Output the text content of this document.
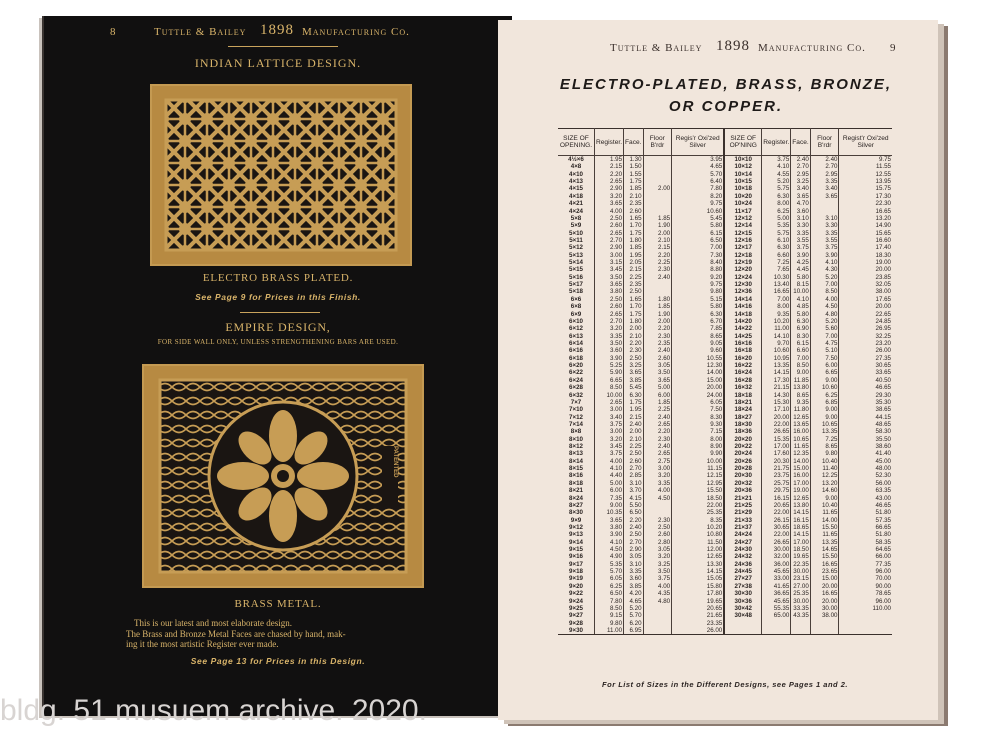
8	Tuttle & Bailey 1898 Manufacturing Co.
INDIAN LATTICE DESIGN.
ELECTRO BRASS PLATED.
See Page 9 for Prices in this Finish.
EMPIRE DESIGN,
FOR SIDE WALL ONLY, UNLESS STRENGTHENING BARS ARE USED.
PATENTED
BRASS METAL.
This is our latest and most elaborate design.
The Brass and Bronze Metal Faces are chased by hand, mak-
ing it the most artistic Register ever made.
See Page 13 for Prices in this Design.
Tuttle & Bailey 1898 Manufacturing Co. 9
ELECTRO-PLATED, BRASS, BRONZE,
OR COPPER.
SIZE OF OPENING.	Register.	Face.	Floor B'rdr	Regis'r Oxi'zed Silver	SIZE OF OP'NING	Register.	Face.	Floor B'rdr	Regist'r Oxi'zed Silver
4½×6	1.95	1.30		3.95	10×10	3.75	2.40	2.40	9.75
4×8	2.15	1.50		4.65	10×12	4.10	2.70	2.70	11.55
4×10	2.20	1.55		5.70	10×14	4.55	2.95	2.95	12.55
4×13	2.65	1.75		6.40	10×15	5.20	3.25	3.35	13.95
4×15	2.90	1.85	2.00	7.80	10×18	5.75	3.40	3.40	15.75
4×18	3.20	2.10		8.20	10×20	6.30	3.65	3.65	17.30
4×21	3.65	2.35		9.75	10×24	8.00	4.70		22.30
4×24	4.00	2.60		10.60	11×17	6.25	3.60		16.65
5×8	2.50	1.65	1.85	5.45	12×12	5.00	3.10	3.10	13.20
5×9	2.60	1.70	1.90	5.80	12×14	5.35	3.30	3.30	14.90
5×10	2.65	1.75	2.00	6.15	12×15	5.75	3.35	3.35	15.65
5×11	2.70	1.80	2.10	6.50	12×16	6.10	3.55	3.55	16.60
5×12	2.90	1.85	2.15	7.00	12×17	6.30	3.75	3.75	17.40
5×13	3.00	1.95	2.20	7.30	12×18	6.60	3.90	3.90	18.30
5×14	3.15	2.05	2.25	8.40	12×19	7.25	4.25	4.10	19.00
5×15	3.45	2.15	2.30	8.80	12×20	7.65	4.45	4.30	20.00
5×16	3.50	2.25	2.40	9.20	12×24	10.30	5.80	5.20	23.85
5×17	3.65	2.35		9.75	12×30	13.40	8.15	7.00	32.05
5×18	3.80	2.50		9.80	12×36	16.65	10.00	8.50	38.00
6×6	2.50	1.65	1.80	5.15	14×14	7.00	4.10	4.00	17.65
6×8	2.60	1.70	1.85	5.80	14×16	8.00	4.85	4.50	20.00
6×9	2.65	1.75	1.90	6.30	14×18	9.35	5.80	4.80	22.65
6×10	2.70	1.80	2.00	6.70	14×20	10.20	6.30	5.20	24.85
6×12	3.20	2.00	2.20	7.85	14×22	11.00	6.90	5.60	26.95
6×13	3.35	2.10	2.30	8.65	14×25	14.10	8.30	7.00	32.25
6×14	3.50	2.20	2.35	9.05	16×16	9.70	6.15	4.75	23.20
6×16	3.60	2.30	2.40	9.60	16×18	10.60	6.60	5.10	26.00
6×18	3.90	2.50	2.60	10.55	16×20	10.95	7.00	7.50	27.35
6×20	5.25	3.25	3.05	12.30	16×22	13.35	8.50	6.00	30.65
6×22	5.90	3.65	3.50	14.00	16×24	14.15	9.00	6.65	33.65
6×24	6.65	3.85	3.65	15.00	16×28	17.30	11.85	9.00	40.50
6×28	8.50	5.45	5.00	20.00	16×32	21.15	13.80	10.60	46.65
6×32	10.00	6.30	6.00	24.00	18×18	14.30	8.65	6.25	29.30
7×7	2.65	1.75	1.85	6.05	18×21	15.30	9.35	6.85	35.30
7×10	3.00	1.95	2.25	7.50	18×24	17.10	11.80	9.00	38.65
7×12	3.40	2.15	2.40	8.30	18×27	20.00	12.65	9.00	44.15
7×14	3.75	2.40	2.65	9.30	18×30	22.00	13.65	10.65	48.65
8×8	3.00	2.00	2.20	7.15	18×36	26.65	16.00	13.35	58.30
8×10	3.20	2.10	2.30	8.00	20×20	15.35	10.65	7.25	35.50
8×12	3.45	2.25	2.40	8.90	20×22	17.00	11.65	8.65	38.60
8×13	3.75	2.50	2.65	9.90	20×24	17.60	12.35	9.80	41.40
8×14	4.00	2.60	2.75	10.00	20×26	20.30	14.00	10.40	45.00
8×15	4.10	2.70	3.00	11.15	20×28	21.75	15.00	11.40	48.00
8×16	4.40	2.85	3.20	12.15	20×30	23.75	16.00	12.25	52.30
8×18	5.00	3.10	3.35	12.95	20×32	25.75	17.00	13.20	56.00
8×21	6.00	3.70	4.00	15.50	20×36	29.75	19.00	14.60	63.35
8×24	7.35	4.15	4.50	18.50	21×21	16.15	12.65	9.00	43.00
8×27	9.00	5.50		22.00	21×25	20.65	13.80	10.40	46.65
8×30	10.35	6.50		25.35	21×29	22.00	14.15	11.65	51.80
9×9	3.65	2.20	2.30	8.35	21×33	26.15	16.15	14.00	57.35
9×12	3.80	2.40	2.50	10.20	21×37	30.65	18.65	15.50	66.65
9×13	3.90	2.50	2.60	10.80	24×24	22.00	14.15	11.65	51.80
9×14	4.10	2.70	2.80	11.50	24×27	26.65	17.00	13.35	58.35
9×15	4.50	2.90	3.05	12.00	24×30	30.00	18.50	14.65	64.65
9×16	4.90	3.05	3.20	12.65	24×32	32.00	19.65	15.50	66.00
9×17	5.35	3.10	3.25	13.30	24×36	36.00	22.35	16.65	77.35
9×18	5.70	3.35	3.50	14.15	24×45	45.65	30.00	23.65	96.00
9×19	6.05	3.60	3.75	15.05	27×27	33.00	23.15	15.00	70.00
9×20	6.25	3.85	4.00	15.80	27×38	41.65	27.00	20.00	90.00
9×22	6.50	4.20	4.35	17.80	30×30	36.65	25.35	16.65	78.65
9×24	7.80	4.65	4.80	19.65	30×36	45.65	30.00	20.00	96.00
9×25	8.50	5.20		20.65	30×42	55.35	33.35	30.00	110.00
9×27	9.15	5.70		21.65	30×48	65.00	43.35	38.00	
9×28	9.80	6.20		23.35					
9×30	11.00	6.95		26.00					
For List of Sizes in the Different Designs, see Pages 1 and 2.
bldg. 51 musuem archive. 2020.
